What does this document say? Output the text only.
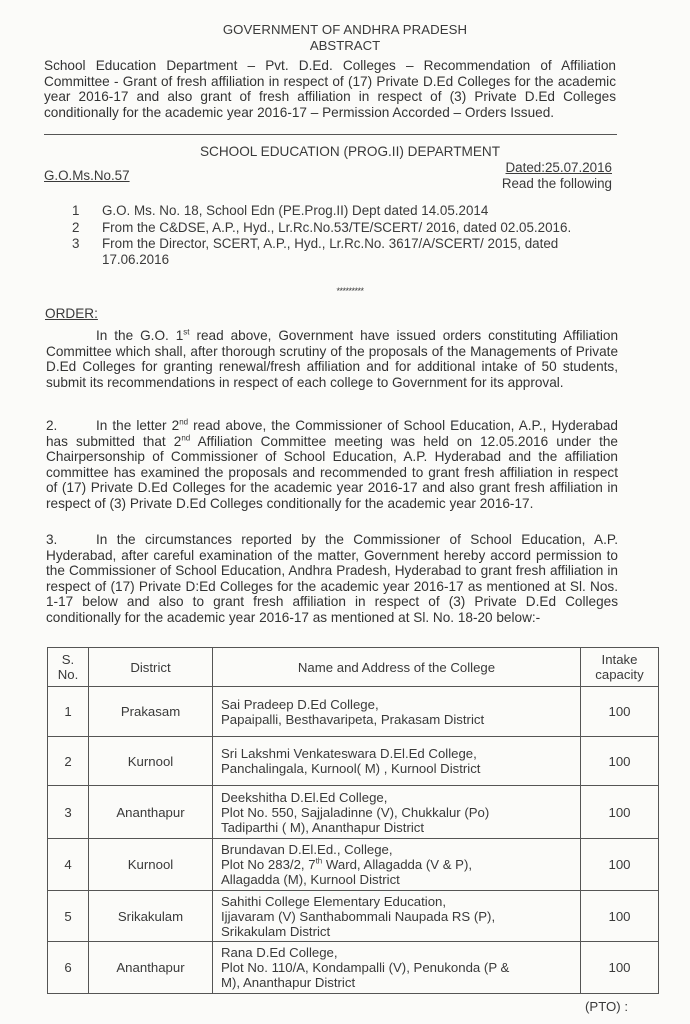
GOVERNMENT OF ANDHRA PRADESH
ABSTRACT
School Education Department – Pvt. D.Ed. Colleges – Recommendation of Affiliation Committee - Grant of fresh affiliation in respect of (17) Private D.Ed Colleges for the academic year 2016-17 and also grant of fresh affiliation in respect of (3) Private D.Ed Colleges conditionally for the academic year 2016-17 – Permission Accorded – Orders Issued.
SCHOOL EDUCATION (PROG.II) DEPARTMENT
G.O.Ms.No.57
Dated:25.07.2016
Read the following
1	G.O. Ms. No. 18, School Edn (PE.Prog.II) Dept dated 14.05.2014
2	From the C&DSE, A.P., Hyd., Lr.Rc.No.53/TE/SCERT/ 2016, dated 02.05.2016.
3	From the Director, SCERT, A.P., Hyd., Lr.Rc.No. 3617/A/SCERT/ 2015, dated 17.06.2016
*********
ORDER:
In the G.O. 1st read above, Government have issued orders constituting Affiliation Committee which shall, after thorough scrutiny of the proposals of the Managements of Private D.Ed Colleges for granting renewal/fresh affiliation and for additional intake of 50 students, submit its recommendations in respect of each college to Government for its approval.
2.	In the letter 2nd read above, the Commissioner of School Education, A.P., Hyderabad has submitted that 2nd Affiliation Committee meeting was held on 12.05.2016 under the Chairpersonship of Commissioner of School Education, A.P. Hyderabad and the affiliation committee has examined the proposals and recommended to grant fresh affiliation in respect of (17) Private D.Ed Colleges for the academic year 2016-17 and also grant fresh affiliation in respect of (3) Private D.Ed Colleges conditionally for the academic year 2016-17.
3.	In the circumstances reported by the Commissioner of School Education, A.P. Hyderabad, after careful examination of the matter, Government hereby accord permission to the Commissioner of School Education, Andhra Pradesh, Hyderabad to grant fresh affiliation in respect of (17) Private D:Ed Colleges for the academic year 2016-17 as mentioned at Sl. Nos. 1-17 below and also to grant fresh affiliation in respect of (3) Private D.Ed Colleges conditionally for the academic year 2016-17 as mentioned at Sl. No. 18-20 below:-
S.
No.	District	Name and Address of the College	Intake
capacity
1	Prakasam	Sai Pradeep D.Ed College,
Papaipalli, Besthavaripeta, Prakasam District	100
2	Kurnool	Sri Lakshmi Venkateswara D.El.Ed College,
Panchalingala, Kurnool( M) , Kurnool District	100
3	Ananthapur	Deekshitha D.El.Ed College,
Plot No. 550, Sajjaladinne (V), Chukkalur (Po)
Tadiparthi ( M), Ananthapur District	100
4	Kurnool	Brundavan D.El.Ed., College,
Plot No 283/2, 7th Ward, Allagadda (V & P),
Allagadda (M), Kurnool District	100
5	Srikakulam	Sahithi College Elementary Education,
Ijjavaram (V) Santhabommali Naupada RS (P),
Srikakulam District	100
6	Ananthapur	Rana D.Ed College,
Plot No. 110/A, Kondampalli (V), Penukonda (P &
M), Ananthapur District	100
(PTO) :
